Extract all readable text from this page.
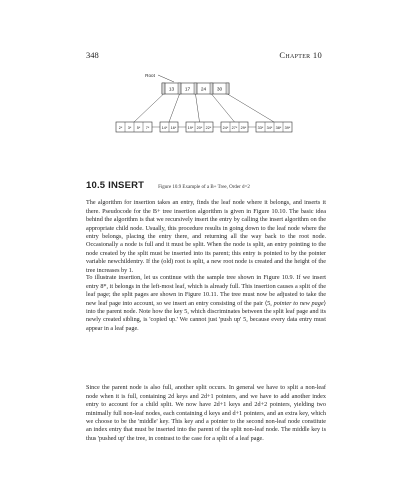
348	Chapter 10
13 17 24 30
Root
2* 3* 5* 7*	14* 16*	19* 20* 22*	24* 27* 29*	33* 34* 38* 39*
Figure 10.9 Example of a B+ Tree, Order d=2
10.5 INSERT

The algorithm for insertion takes an entry, finds the leaf node where it belongs, and inserts it there. Pseudocode for the B+ tree insertion algorithm is given in Figure 10.10. The basic idea behind the algorithm is that we recursively insert the entry by calling the insert algorithm on the appropriate child node. Usually, this procedure results in going down to the leaf node where the entry belongs, placing the entry there, and returning all the way back to the root node. Occasionally a node is full and it must be split. When the node is split, an entry pointing to the node created by the split must be inserted into its parent; this entry is pointed to by the pointer variable newchildentry. If the (old) root is split, a new root node is created and the height of the tree increases by 1.

To illustrate insertion, let us continue with the sample tree shown in Figure 10.9. If we insert entry 8*, it belongs in the left-most leaf, which is already full. This insertion causes a split of the leaf page; the split pages are shown in Figure 10.11. The tree must now be adjusted to take the new leaf page into account, so we insert an entry consisting of the pair ⟨5, pointer to new page⟩ into the parent node. Note how the key 5, which discriminates between the split leaf page and its newly created sibling, is 'copied up.' We cannot just 'push up' 5, because every data entry must appear in a leaf page.

Since the parent node is also full, another split occurs. In general we have to split a non-leaf node when it is full, containing 2d keys and 2d+1 pointers, and we have to add another index entry to account for a child split. We now have 2d+1 keys and 2d+2 pointers, yielding two minimally full non-leaf nodes, each containing d keys and d+1 pointers, and an extra key, which we choose to be the 'middle' key. This key and a pointer to the second non-leaf node constitute an index entry that must be inserted into the parent of the split non-leaf node. The middle key is thus 'pushed up' the tree, in contrast to the case for a split of a leaf page.
